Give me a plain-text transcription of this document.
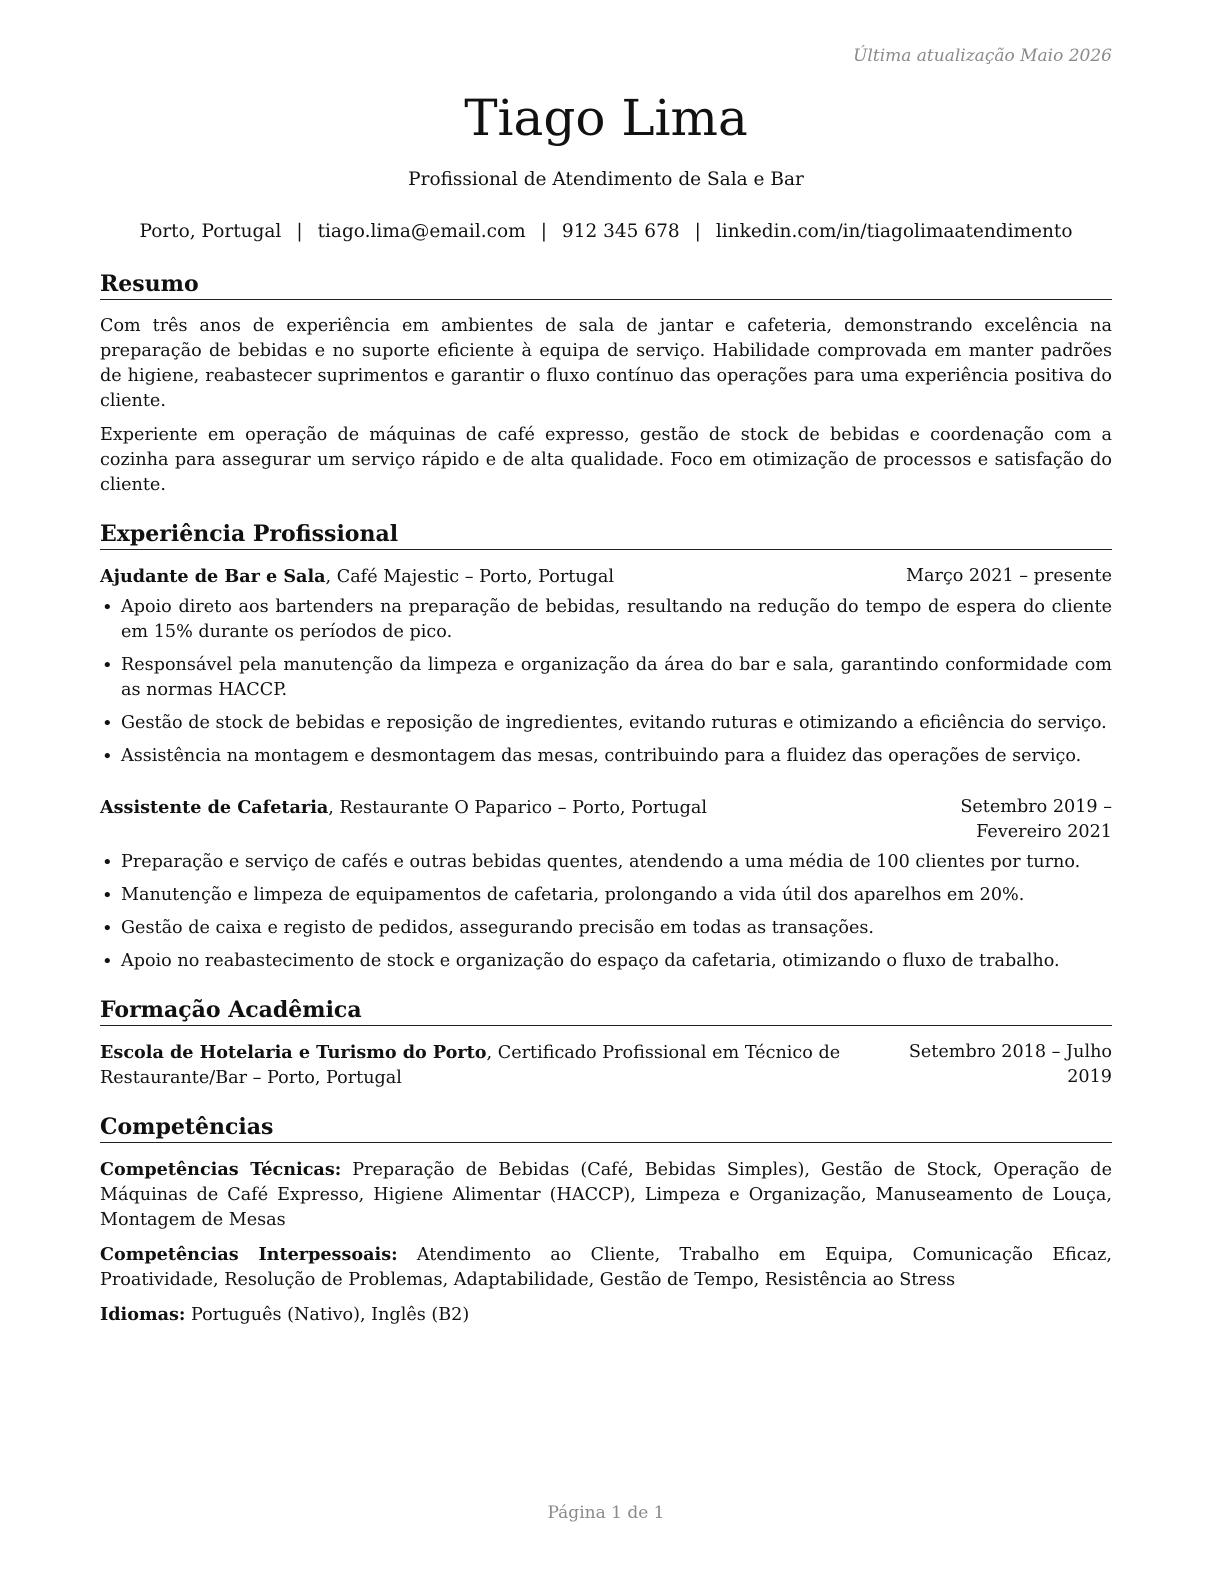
Última atualização Maio 2026
Tiago Lima
Profissional de Atendimento de Sala e Bar
Porto, Portugal | tiago.lima@email.com | 912 345 678 | linkedin.com/in/tiagolimaatendimento
Resumo

Com três anos de experiência em ambientes de sala de jantar e cafeteria, demonstrando excelência na preparação de bebidas e no suporte eficiente à equipa de serviço. Habilidade comprovada em manter padrões de higiene, reabastecer suprimentos e garantir o fluxo contínuo das operações para uma experiência positiva do cliente.

Experiente em operação de máquinas de café expresso, gestão de stock de bebidas e coordenação com a cozinha para assegurar um serviço rápido e de alta qualidade. Foco em otimização de processos e satisfação do cliente.

Experiência Profissional
Ajudante de Bar e Sala, Café Majestic – Porto, Portugal	Março 2021 – presente
• Apoio direto aos bartenders na preparação de bebidas, resultando na redução do tempo de espera do cliente em 15% durante os períodos de pico.
• Responsável pela manutenção da limpeza e organização da área do bar e sala, garantindo conformidade com as normas HACCP.
• Gestão de stock de bebidas e reposição de ingredientes, evitando ruturas e otimizando a eficiência do serviço.
• Assistência na montagem e desmontagem das mesas, contribuindo para a fluidez das operações de serviço.
Assistente de Cafetaria, Restaurante O Paparico – Porto, Portugal	Setembro 2019 – Fevereiro 2021
• Preparação e serviço de cafés e outras bebidas quentes, atendendo a uma média de 100 clientes por turno.
• Manutenção e limpeza de equipamentos de cafetaria, prolongando a vida útil dos aparelhos em 20%.
• Gestão de caixa e registo de pedidos, assegurando precisão em todas as transações.
• Apoio no reabastecimento de stock e organização do espaço da cafetaria, otimizando o fluxo de trabalho.
Formação Acadêmica
Escola de Hotelaria e Turismo do Porto, Certificado Profissional em Técnico de Restaurante/Bar – Porto, Portugal
Setembro 2018 – Julho 2019
Competências

Competências Técnicas: Preparação de Bebidas (Café, Bebidas Simples), Gestão de Stock, Operação de Máquinas de Café Expresso, Higiene Alimentar (HACCP), Limpeza e Organização, Manuseamento de Louça, Montagem de Mesas

Competências Interpessoais: Atendimento ao Cliente, Trabalho em Equipa, Comunicação Eficaz, Proatividade, Resolução de Problemas, Adaptabilidade, Gestão de Tempo, Resistência ao Stress

Idiomas: Português (Nativo), Inglês (B2)

Página 1 de 1
